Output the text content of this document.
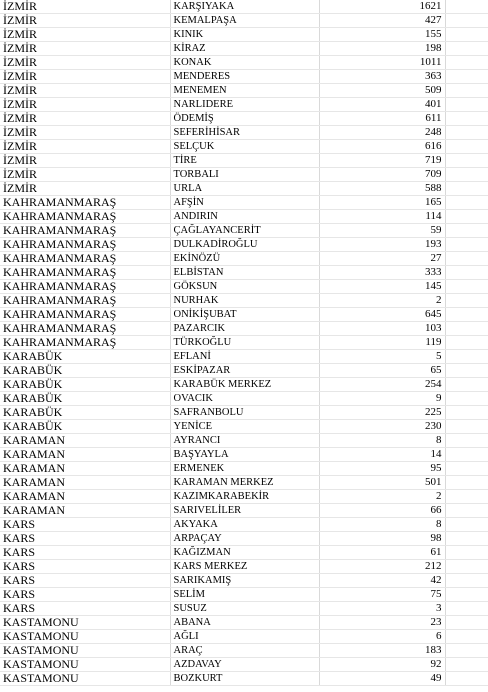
İZMİR	KARŞIYAKA	1621	
İZMİR	KEMALPAŞA	427	
İZMİR	KINIK	155	
İZMİR	KİRAZ	198	
İZMİR	KONAK	1011	
İZMİR	MENDERES	363	
İZMİR	MENEMEN	509	
İZMİR	NARLIDERE	401	
İZMİR	ÖDEMİŞ	611	
İZMİR	SEFERİHİSAR	248	
İZMİR	SELÇUK	616	
İZMİR	TİRE	719	
İZMİR	TORBALI	709	
İZMİR	URLA	588	
KAHRAMANMARAŞ	AFŞİN	165	
KAHRAMANMARAŞ	ANDIRIN	114	
KAHRAMANMARAŞ	ÇAĞLAYANCERİT	59	
KAHRAMANMARAŞ	DULKADİROĞLU	193	
KAHRAMANMARAŞ	EKİNÖZÜ	27	
KAHRAMANMARAŞ	ELBİSTAN	333	
KAHRAMANMARAŞ	GÖKSUN	145	
KAHRAMANMARAŞ	NURHAK	2	
KAHRAMANMARAŞ	ONİKİŞUBAT	645	
KAHRAMANMARAŞ	PAZARCIK	103	
KAHRAMANMARAŞ	TÜRKOĞLU	119	
KARABÜK	EFLANİ	5	
KARABÜK	ESKİPAZAR	65	
KARABÜK	KARABÜK MERKEZ	254	
KARABÜK	OVACIK	9	
KARABÜK	SAFRANBOLU	225	
KARABÜK	YENİCE	230	
KARAMAN	AYRANCI	8	
KARAMAN	BAŞYAYLA	14	
KARAMAN	ERMENEK	95	
KARAMAN	KARAMAN MERKEZ	501	
KARAMAN	KAZIMKARABEKİR	2	
KARAMAN	SARIVELİLER	66	
KARS	AKYAKA	8	
KARS	ARPAÇAY	98	
KARS	KAĞIZMAN	61	
KARS	KARS MERKEZ	212	
KARS	SARIKAMIŞ	42	
KARS	SELİM	75	
KARS	SUSUZ	3	
KASTAMONU	ABANA	23	
KASTAMONU	AĞLI	6	
KASTAMONU	ARAÇ	183	
KASTAMONU	AZDAVAY	92	
KASTAMONU	BOZKURT	49	
